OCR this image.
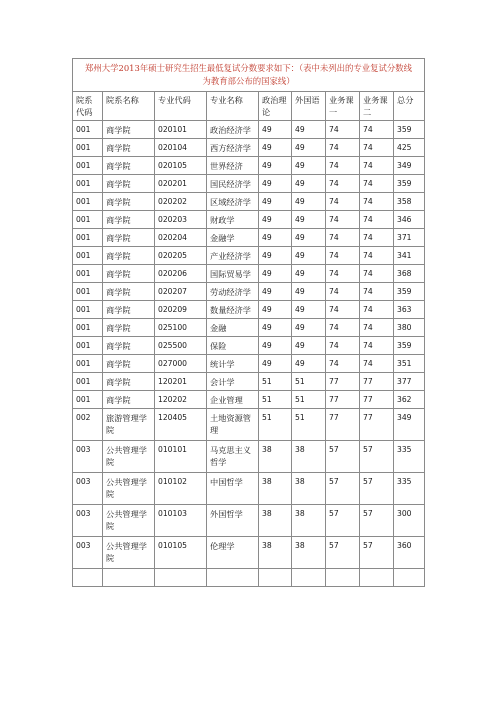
郑州大学2013年硕士研究生招生最低复试分数要求如下：（表中未列出的专业复试分数线为教育部公布的国家线）								
院系代码	院系名称	专业代码	专业名称	政治理论	外国语	业务课一	业务课二	总分
001	商学院	020101	政治经济学	49	49	74	74	359
001	商学院	020104	西方经济学	49	49	74	74	425
001	商学院	020105	世界经济	49	49	74	74	349
001	商学院	020201	国民经济学	49	49	74	74	359
001	商学院	020202	区域经济学	49	49	74	74	358
001	商学院	020203	财政学	49	49	74	74	346
001	商学院	020204	金融学	49	49	74	74	371
001	商学院	020205	产业经济学	49	49	74	74	341
001	商学院	020206	国际贸易学	49	49	74	74	368
001	商学院	020207	劳动经济学	49	49	74	74	359
001	商学院	020209	数量经济学	49	49	74	74	363
001	商学院	025100	金融	49	49	74	74	380
001	商学院	025500	保险	49	49	74	74	359
001	商学院	027000	统计学	49	49	74	74	351
001	商学院	120201	会计学	51	51	77	77	377
001	商学院	120202	企业管理	51	51	77	77	362
002	旅游管理学院	120405	土地资源管理	51	51	77	77	349
003	公共管理学院	010101	马克思主义哲学	38	38	57	57	335
003	公共管理学院	010102	中国哲学	38	38	57	57	335
003	公共管理学院	010103	外国哲学	38	38	57	57	300
003	公共管理学院	010105	伦理学	38	38	57	57	360
